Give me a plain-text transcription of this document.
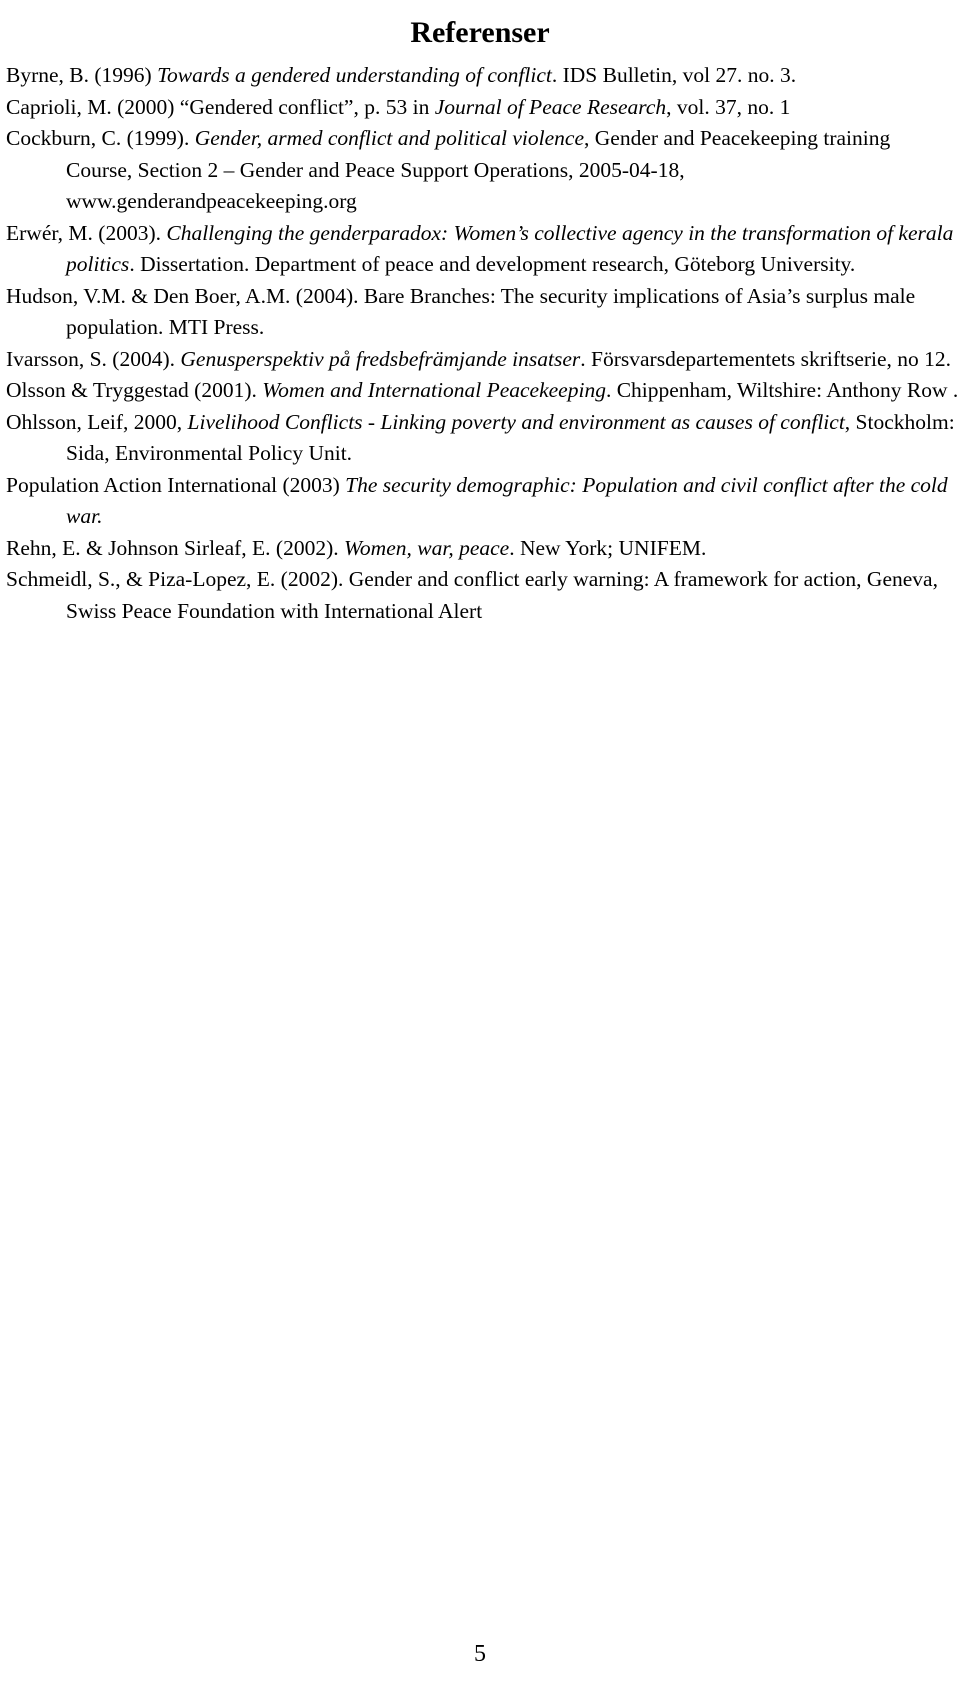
Referenser
Byrne, B. (1996) Towards a gendered understanding of conflict. IDS Bulletin, vol 27. no. 3.
Caprioli, M. (2000) “Gendered conflict”, p. 53 in Journal of Peace Research, vol. 37, no. 1
Cockburn, C. (1999). Gender, armed conflict and political violence, Gender and Peacekeeping training Course, Section 2 – Gender and Peace Support Operations, 2005-04-18, www.genderandpeacekeeping.org
Erwér, M. (2003). Challenging the genderparadox: Women’s collective agency in the transformation of kerala politics. Dissertation. Department of peace and development research, Göteborg University.
Hudson, V.M. & Den Boer, A.M. (2004). Bare Branches: The security implications of Asia’s surplus male population. MTI Press.
Ivarsson, S. (2004). Genusperspektiv på fredsbefrämjande insatser. Försvarsdepartementets skriftserie, no 12.
Olsson & Tryggestad (2001). Women and International Peacekeeping. Chippenham, Wiltshire: Anthony Row .
Ohlsson, Leif, 2000, Livelihood Conflicts - Linking poverty and environment as causes of conflict, Stockholm: Sida, Environmental Policy Unit.
Population Action International (2003) The security demographic: Population and civil conflict after the cold war.
Rehn, E. & Johnson Sirleaf, E. (2002). Women, war, peace. New York; UNIFEM.
Schmeidl, S., & Piza-Lopez, E. (2002). Gender and conflict early warning: A framework for action, Geneva, Swiss Peace Foundation with International Alert
5
